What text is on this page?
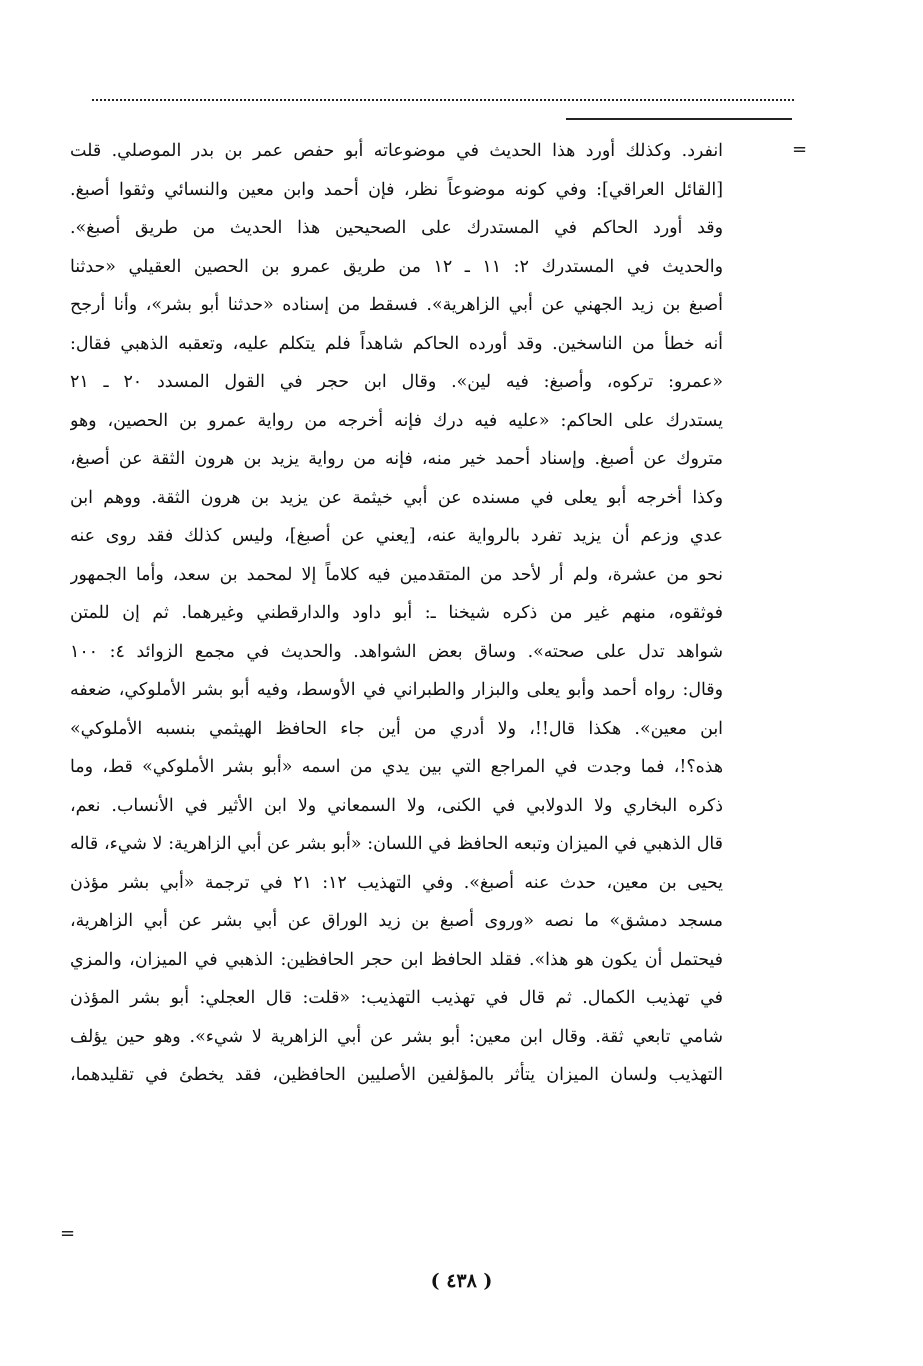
=
انفرد. وكذلك أورد هذا الحديث في موضوعاته أبو حفص عمر بن بدر الموصلي. قلت
[القائل العراقي]: وفي كونه موضوعاً نظر، فإن أحمد وابن معين والنسائي وثقوا أصبغ.
وقد أورد الحاكم في المستدرك على الصحيحين هذا الحديث من طريق أصبغ».
والحديث في المستدرك ٢: ١١ ـ ١٢ من طريق عمرو بن الحصين العقيلي «حدثنا
أصبغ بن زيد الجهني عن أبي الزاهرية». فسقط من إسناده «حدثنا أبو بشر»، وأنا أرجح
أنه خطأ من الناسخين. وقد أورده الحاكم شاهداً فلم يتكلم عليه، وتعقبه الذهبي فقال:
«عمرو: تركوه، وأصبغ: فيه لين». وقال ابن حجر في القول المسدد ٢٠ ـ ٢١
يستدرك على الحاكم: «عليه فيه درك فإنه أخرجه من رواية عمرو بن الحصين، وهو
متروك عن أصبغ. وإسناد أحمد خير منه، فإنه من رواية يزيد بن هرون الثقة عن أصبغ،
وكذا أخرجه أبو يعلى في مسنده عن أبي خيثمة عن يزيد بن هرون الثقة. ووهم ابن
عدي وزعم أن يزيد تفرد بالرواية عنه، [يعني عن أصبغ]، وليس كذلك فقد روى عنه
نحو من عشرة، ولم أر لأحد من المتقدمين فيه كلاماً إلا لمحمد بن سعد، وأما الجمهور
فوثقوه، منهم غير من ذكره شيخنا ـ: أبو داود والدارقطني وغيرهما. ثم إن للمتن
شواهد تدل على صحته». وساق بعض الشواهد. والحديث في مجمع الزوائد ٤: ١٠٠
وقال: رواه أحمد وأبو يعلى والبزار والطبراني في الأوسط، وفيه أبو بشر الأملوكي، ضعفه
ابن معين». هكذا قال!!، ولا أدري من أين جاء الحافظ الهيثمي بنسبه الأملوكي»
هذه؟!، فما وجدت في المراجع التي بين يدي من اسمه «أبو بشر الأملوكي» قط، وما
ذكره البخاري ولا الدولابي في الكنى، ولا السمعاني ولا ابن الأثير في الأنساب. نعم،
قال الذهبي في الميزان وتبعه الحافظ في اللسان: «أبو بشر عن أبي الزاهرية: لا شيء، قاله
يحيى بن معين، حدث عنه أصبغ». وفي التهذيب ١٢: ٢١ في ترجمة «أبي بشر مؤذن
مسجد دمشق» ما نصه «وروى أصبغ بن زيد الوراق عن أبي بشر عن أبي الزاهرية،
فيحتمل أن يكون هو هذا». فقلد الحافظ ابن حجر الحافظين: الذهبي في الميزان، والمزي
في تهذيب الكمال. ثم قال في تهذيب التهذيب: «قلت: قال العجلي: أبو بشر المؤذن
شامي تابعي ثقة. وقال ابن معين: أبو بشر عن أبي الزاهرية لا شيء». وهو حين يؤلف
التهذيب ولسان الميزان يتأثر بالمؤلفين الأصليين الحافظين، فقد يخطئ في تقليدهما،
=
( ٤٣٨ )
